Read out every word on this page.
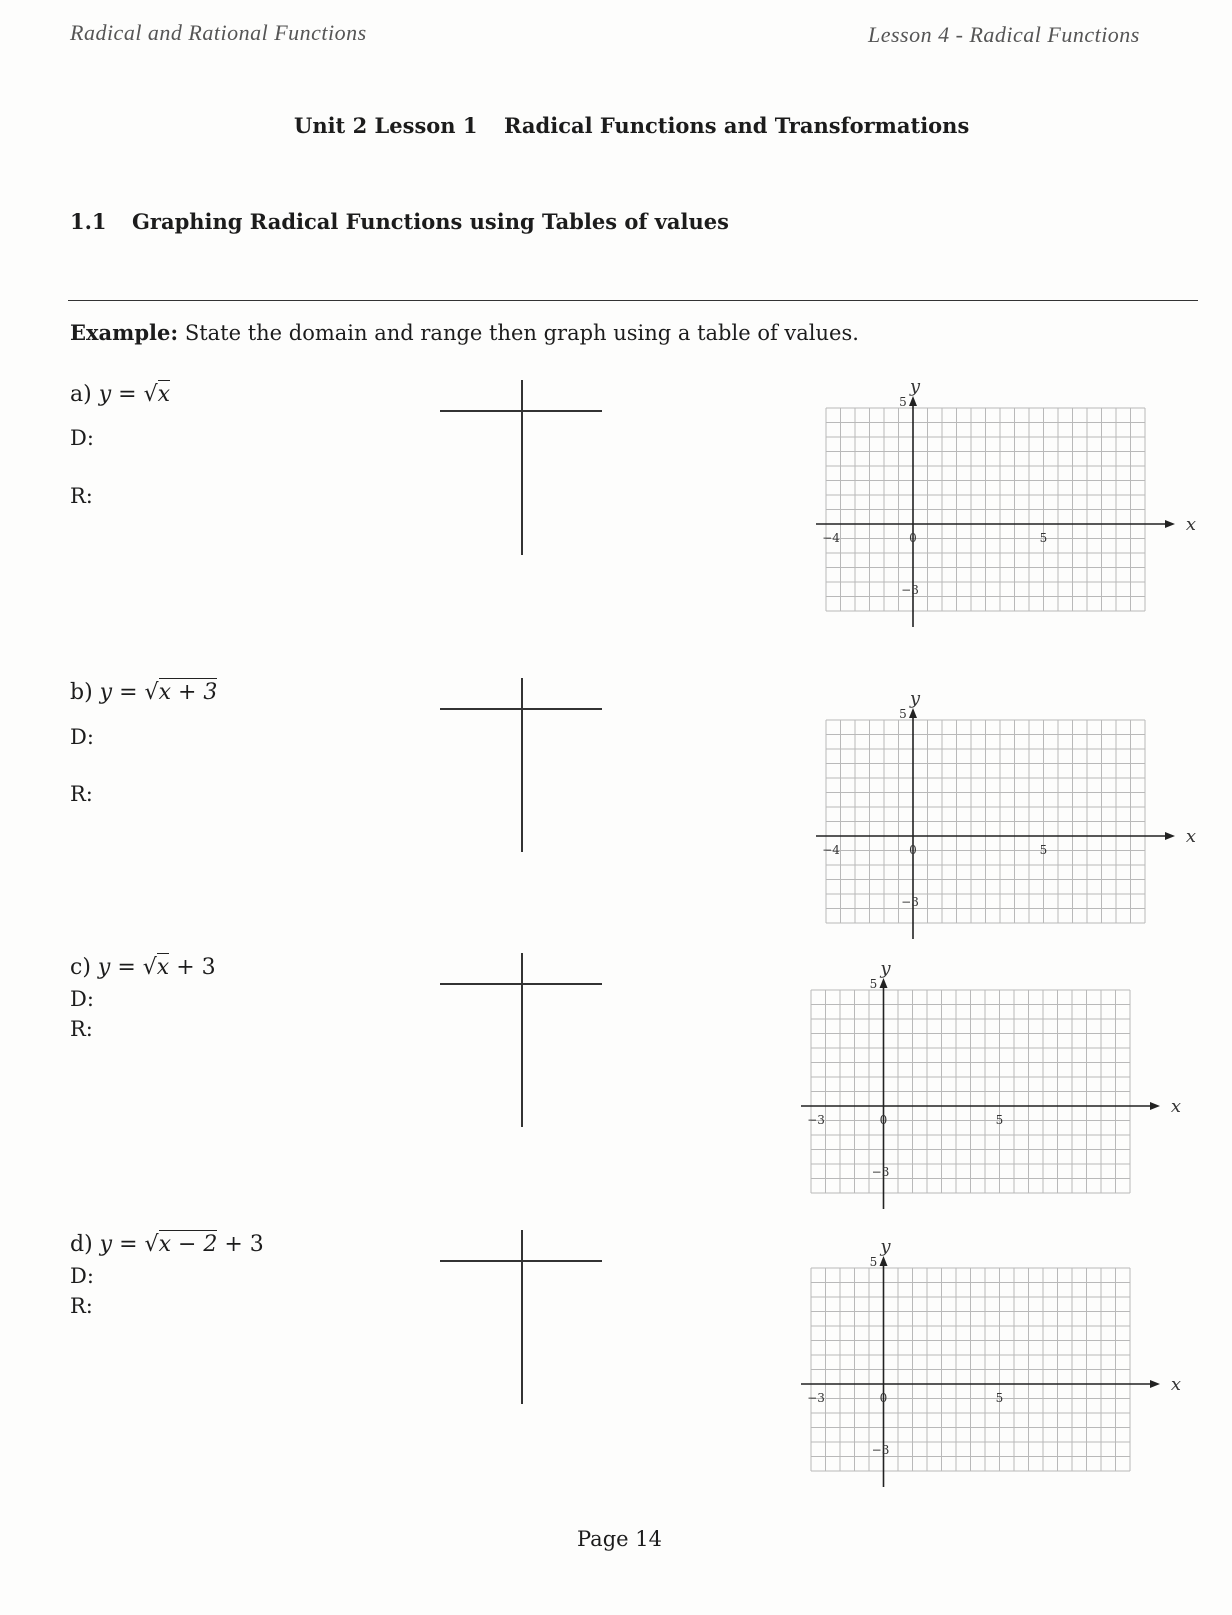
Radical and Rational Functions	Lesson 4 - Radical Functions
Unit 2 Lesson 1 Radical Functions and Transformations
1.1 Graphing Radical Functions using Tables of values
Example: State the domain and range then graph using a table of values.
a) y = √x
D:
R:
−4	0	5
5
−3
x
y
b) y = √x + 3
D:
R:
−4	0	5
5
−3
x
y
c) y = √x + 3
D:
R:
−3	0	5
5
−3
x
y
d) y = √x − 2 + 3
D:
R:
−3	0	5
5
−3
x
y
Page 14
